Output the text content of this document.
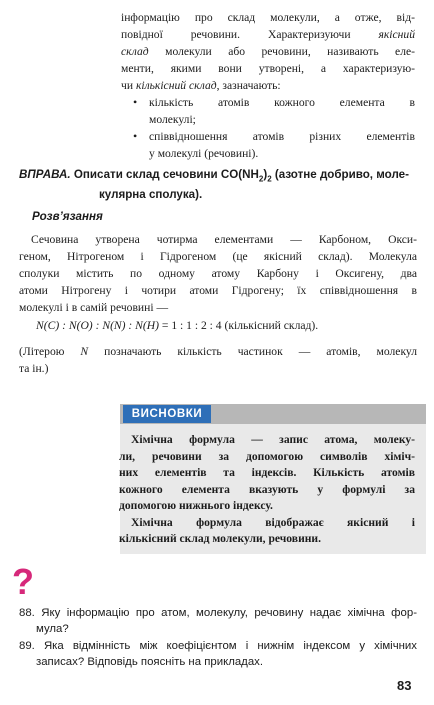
інформацію про склад молекули, а отже, від-
повідної речовини. Характеризуючи якісний
склад молекули або речовини, називають еле-
менти, якими вони утворені, а характеризую-
чи кількісний склад, зазначають:
• кількість атомів кожного елемента в
молекулі;
• співвідношення атомів різних елементів
у молекулі (речовині).
ВПРАВА. Описати склад сечовини $CO(NH_2)_2$ (азотне добриво, моле-
кулярна сполука).
Розв’язання
Сечовина утворена чотирма елементами — Карбоном, Окси-
геном, Нітрогеном і Гідрогеном (це якісний склад). Молекула
сполуки містить по одному атому Карбону і Оксигену, два
атоми Нітрогену і чотири атоми Гідрогену; їх співвідношення в
молекулі і в самій речовині —
N(C) : N(O) : N(N) : N(H) = 1 : 1 : 2 : 4 (кількісний склад).
(Літерою N позначають кількість частинок — атомів, молекул
та ін.)
ВИСНОВКИ
Хімічна формула — запис атома, молеку-
ли, речовини за допомогою символів хіміч-
них елементів та індексів. Кількість атомів
кожного елемента вказують у формулі за
допомогою нижнього індексу.
Хімічна формула відображає якісний і
кількісний склад молекули, речовини.
?
88. Яку інформацію про атом, молекулу, речовину надає хімічна фор-
мула?
89. Яка відмінність між коефіцієнтом і нижнім індексом у хімічних
записах? Відповідь поясніть на прикладах.
83
